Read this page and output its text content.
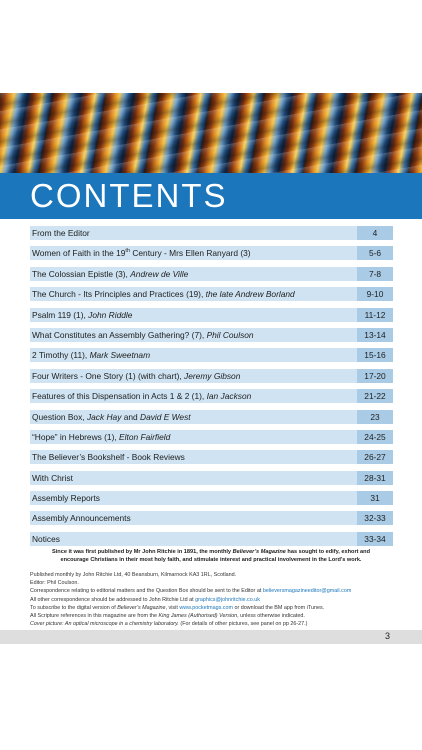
CONTENTS
From the Editor	4
Women of Faith in the 19th Century - Mrs Ellen Ranyard (3)	5-6
The Colossian Epistle (3), Andrew de Ville	7-8
The Church - Its Principles and Practices (19), the late Andrew Borland	9-10
Psalm 119 (1), John Riddle	11-12
What Constitutes an Assembly Gathering? (7), Phil Coulson	13-14
2 Timothy (11), Mark Sweetnam	15-16
Four Writers - One Story (1) (with chart), Jeremy Gibson	17-20
Features of this Dispensation in Acts 1 & 2 (1), Ian Jackson	21-22
Question Box, Jack Hay and David E West	23
“Hope” in Hebrews (1), Elton Fairfield	24-25
The Believer’s Bookshelf - Book Reviews	26-27
With Christ	28-31
Assembly Reports	31
Assembly Announcements	32-33
Notices	33-34
Since it was first published by Mr John Ritchie in 1891, the monthly Believer’s Magazine has sought to edify, exhort and
encourage Christians in their most holy faith, and stimulate interest and practical involvement in the Lord’s work.
Published monthly by John Ritchie Ltd, 40 Beansburn, Kilmarnock KA3 1RL, Scotland.
Editor: Phil Coulson.
Correspondence relating to editorial matters and the Question Box should be sent to the Editor at believersmagazineeditor@gmail.com
All other correspondence should be addressed to John Ritchie Ltd at graphics@johnritchie.co.uk
To subscribe to the digital version of Believer’s Magazine, visit www.pocketmags.com or download the BM app from iTunes.
All Scripture references in this magazine are from the King James (Authorised) Version, unless otherwise indicated.
Cover picture: An optical microscope in a chemistry laboratory. (For details of other pictures, see panel on pp 26-27.)
3
